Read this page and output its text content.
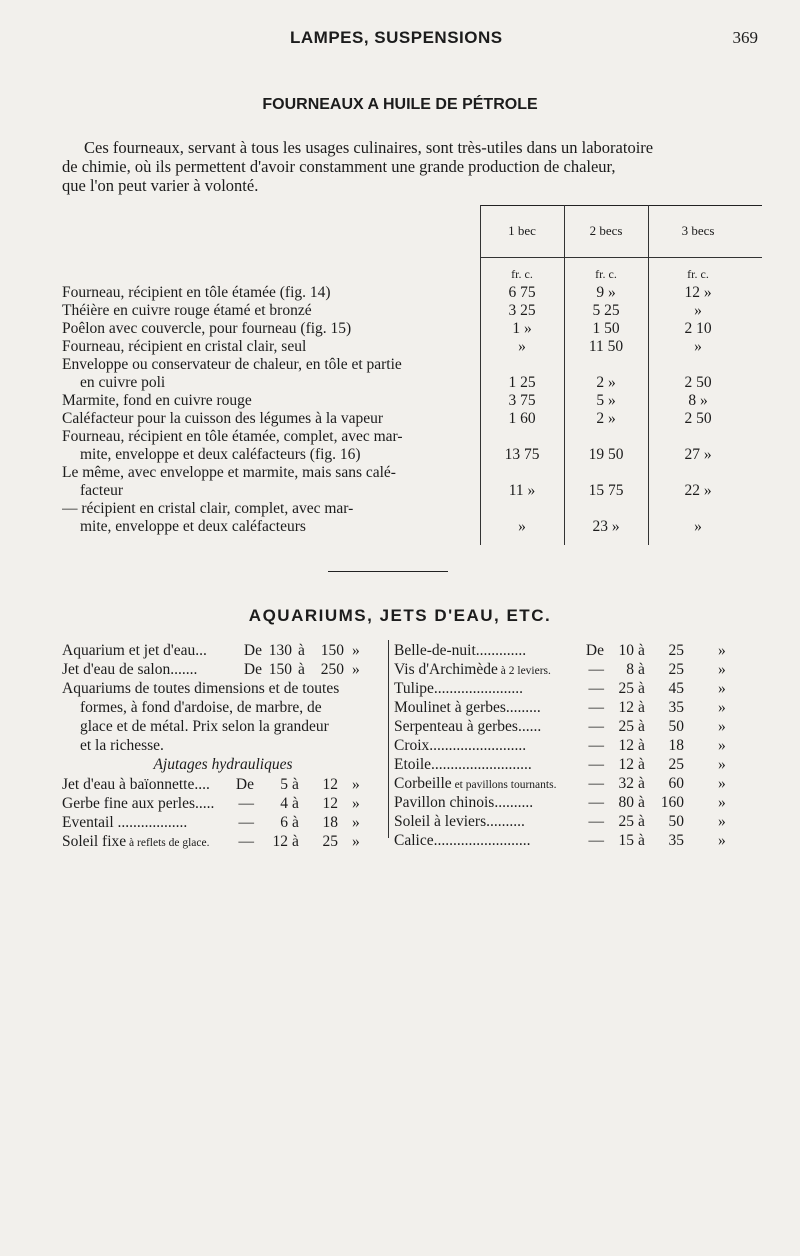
LAMPES, SUSPENSIONS	369
FOURNEAUX A HUILE DE PÉTROLE
Ces fourneaux, servant à tous les usages culinaires, sont très-utiles dans un laboratoire
de chimie, où ils permettent d'avoir constamment une grande production de chaleur,
que l'on peut varier à volonté.
1 bec	2 becs	3 becs
fr. c.	fr. c.	fr. c.
Fourneau, récipient en tôle étamée (fig. 14)	6 75	9 »	12 »
Théière en cuivre rouge étamé et bronzé	3 25	5 25	»
Poêlon avec couvercle, pour fourneau (fig. 15)	1 »	1 50	2 10
Fourneau, récipient en cristal clair, seul	»	11 50	»
Enveloppe ou conservateur de chaleur, en tôle et partie
en cuivre poli	1 25	2 »	2 50
Marmite, fond en cuivre rouge	3 75	5 »	8 »
Caléfacteur pour la cuisson des légumes à la vapeur	1 60	2 »	2 50
Fourneau, récipient en tôle étamée, complet, avec mar-
mite, enveloppe et deux caléfacteurs (fig. 16)	13 75	19 50	27 »
Le même, avec enveloppe et marmite, mais sans calé-
facteur	11 »	15 75	22 »
— récipient en cristal clair, complet, avec mar-
mite, enveloppe et deux caléfacteurs	»	23 »	»
AQUARIUMS, JETS D'EAU, ETC.
Aquarium et jet d'eau... De 130 à	150 »
Jet d'eau de salon.......	De 150 à	250 »
Aquariums de toutes dimensions et de toutes
formes, à fond d'ardoise, de marbre, de
glace et de métal. Prix selon la grandeur
et la richesse.
Ajutages hydrauliques
Jet d'eau à baïonnette.... De	5 à	12 »
Gerbe fine aux perles.....	—	4 à	12 »
Eventail ..................	—	6 à	18 »
Soleil fixe à reflets de glace.	—	12 à	25 »
Belle-de-nuit.............	De 10 à	25 »
Vis d'Archimède à 2 leviers.	—	8 à	25 »
Tulipe.......................	— 25 à	45 »
Moulinet à gerbes.........	— 12 à	35 »
Serpenteau à gerbes......	— 25 à	50 »
Croix.........................	— 12 à	18 »
Etoile..........................	— 12 à	25 »
Corbeille et pavillons tournants.	— 32 à	60 »
Pavillon chinois..........	— 80 à	160 »
Soleil à leviers..........	— 25 à	50 »
Calice.........................	— 15 à	35 »
